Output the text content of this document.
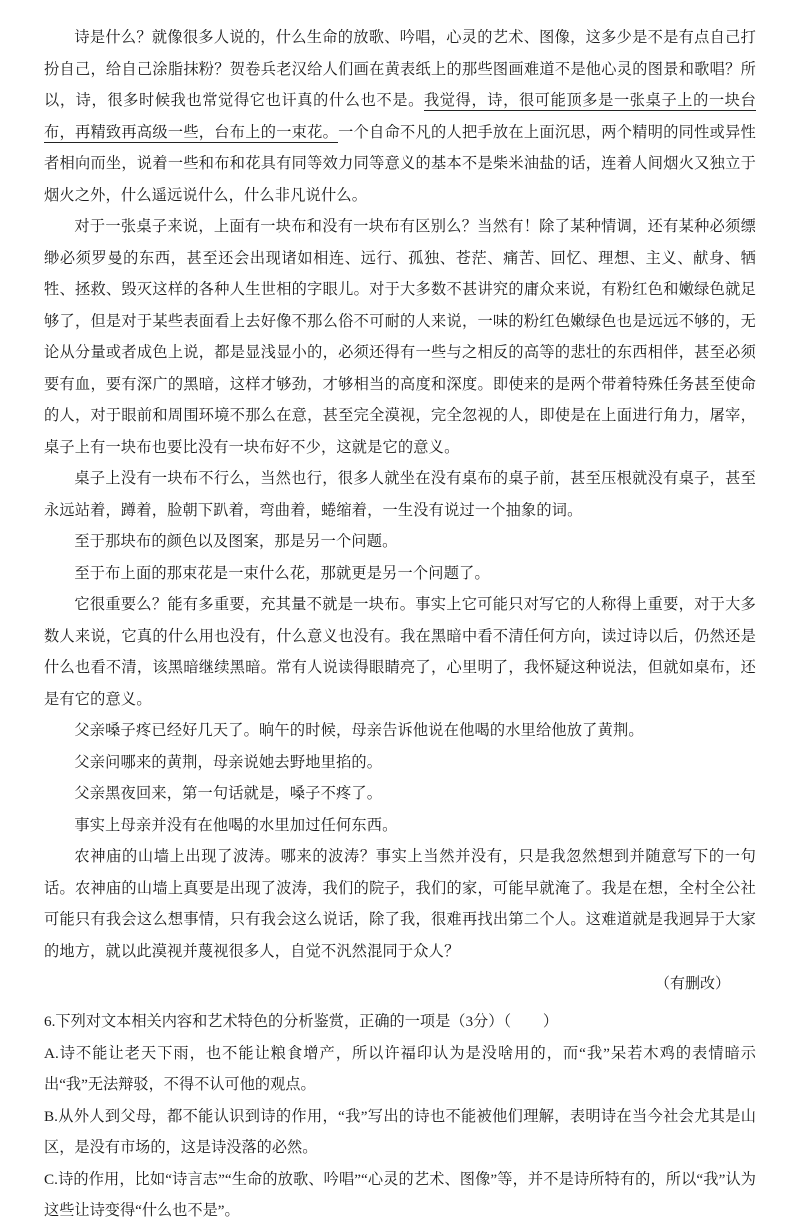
诗是什么？就像很多人说的，什么生命的放歌、吟唱，心灵的艺术、图像，这多少是不是有点自己打扮自己，给自己涂脂抹粉？贺卷兵老汉给人们画在黄表纸上的那些图画难道不是他心灵的图景和歌唱？所以，诗，很多时候我也常觉得它也讦真的什么也不是。我觉得，诗，很可能顶多是一张桌子上的一块台布，再精致再高级一些，台布上的一束花。一个自命不凡的人把手放在上面沉思，两个精明的同性或异性者相向而坐，说着一些和布和花具有同等效力同等意义的基本不是柴米油盐的话，连着人间烟火又独立于烟火之外，什么遥远说什么，什么非凡说什么。

对于一张桌子来说，上面有一块布和没有一块布有区别么？当然有！除了某种情调，还有某种必须缥缈必须罗曼的东西，甚至还会出现诸如相连、远行、孤独、苍茫、痛苦、回忆、理想、主义、献身、牺牲、拯救、毁灭这样的各种人生世相的字眼儿。对于大多数不甚讲究的庸众来说，有粉红色和嫩绿色就足够了，但是对于某些表面看上去好像不那么俗不可耐的人来说，一味的粉红色嫩绿色也是远远不够的，无论从分量或者成色上说，都是显浅显小的，必须还得有一些与之相反的高等的悲壮的东西相伴，甚至必须要有血，要有深广的黑暗，这样才够劲，才够相当的高度和深度。即使来的是两个带着特殊任务甚至使命的人，对于眼前和周围环境不那么在意，甚至完全漠视，完全忽视的人，即使是在上面进行角力，屠宰，桌子上有一块布也要比没有一块布好不少，这就是它的意义。

桌子上没有一块布不行么，当然也行，很多人就坐在没有桌布的桌子前，甚至压根就没有桌子，甚至永远站着，蹲着，脸朝下趴着，弯曲着，蜷缩着，一生没有说过一个抽象的词。

至于那块布的颜色以及图案，那是另一个问题。

至于布上面的那束花是一束什么花，那就更是另一个问题了。

它很重要么？能有多重要，充其量不就是一块布。事实上它可能只对写它的人称得上重要，对于大多数人来说，它真的什么用也没有，什么意义也没有。我在黑暗中看不清任何方向，读过诗以后，仍然还是什么也看不清，该黑暗继续黑暗。常有人说读得眼睛亮了，心里明了，我怀疑这种说法，但就如桌布，还是有它的意义。

父亲嗓子疼已经好几天了。晌午的时候，母亲告诉他说在他喝的水里给他放了黄荆。

父亲问哪来的黄荆，母亲说她去野地里掐的。

父亲黑夜回来，第一句话就是，嗓子不疼了。

事实上母亲并没有在他喝的水里加过任何东西。

农神庙的山墙上出现了波涛。哪来的波涛？事实上当然并没有，只是我忽然想到并随意写下的一句话。农神庙的山墙上真要是出现了波涛，我们的院子，我们的家，可能早就淹了。我是在想，全村全公社可能只有我会这么想事情，只有我会这么说话，除了我，很难再找出第二个人。这难道就是我迥异于大家的地方，就以此漠视并蔑视很多人，自觉不汎然混同于众人？

（有删改）
6.下列对文本相关内容和艺术特色的分析鉴赏，正确的一项是（3分）（ ）
A.诗不能让老天下雨，也不能让粮食增产，所以许福印认为是没啥用的，而“我”呆若木鸡的表情暗示出“我”无法辩驳，不得不认可他的观点。
B.从外人到父母，都不能认识到诗的作用，“我”写出的诗也不能被他们理解，表明诗在当今社会尤其是山区，是没有市场的，这是诗没落的必然。
C.诗的作用，比如“诗言志”“生命的放歌、吟唱”“心灵的艺术、图像”等，并不是诗所特有的，所以“我”认为这些让诗变得“什么也不是”。
